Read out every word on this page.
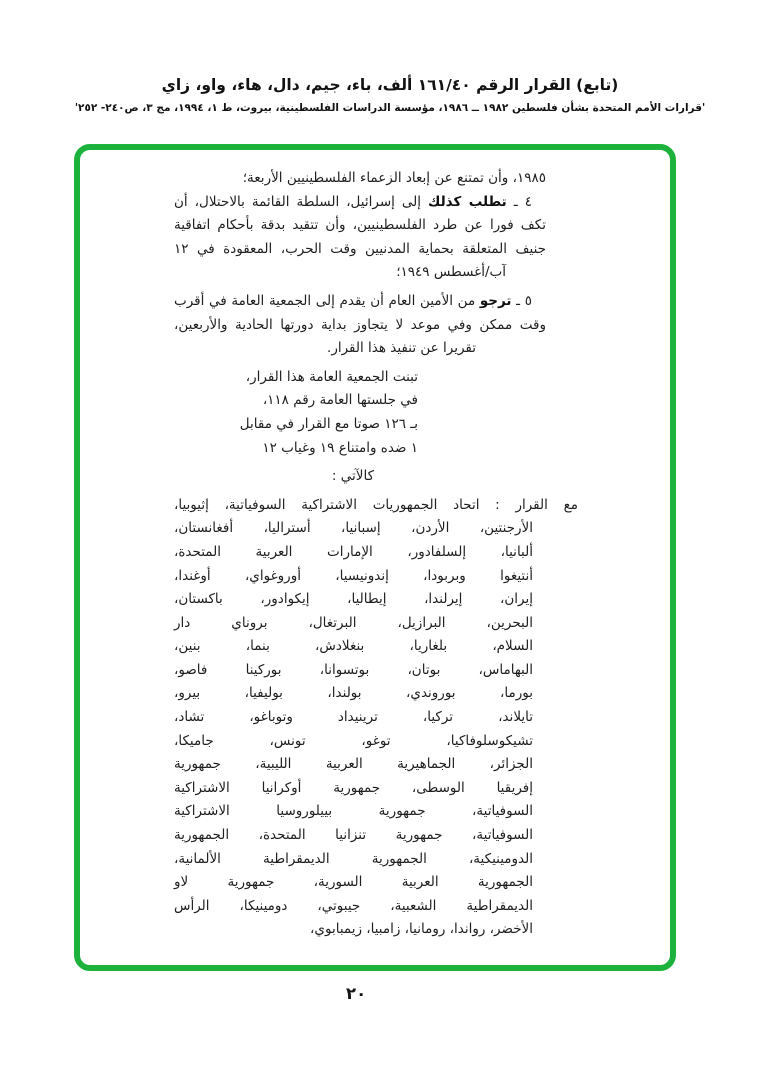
(تابع) القرار الرقم ١٦١/٤٠ ألف، باء، جيم، دال، هاء، واو، زاي
'قرارات الأمم المتحدة بشأن فلسطين ١٩٨٢ ــ ١٩٨٦، مؤسسة الدراسات الفلسطينية، بيروت، ط ١، ١٩٩٤، مج ٣، ص٢٤٠- ٢٥٢'
١٩٨٥، وأن تمتنع عن إبعاد الزعماء الفلسطينيين الأربعة؛
٤ ـ تطلب كذلك إلى إسرائيل، السلطة القائمة بالاحتلال، أن
تكف فورا عن طرد الفلسطينيين، وأن تتقيد بدقة بأحكام اتفاقية
جنيف المتعلقة بحماية المدنيين وقت الحرب، المعقودة في ١٢
آب/أغسطس ١٩٤٩؛
٥ ـ ترجو من الأمين العام أن يقدم إلى الجمعية العامة في أقرب
وقت ممكن وفي موعد لا يتجاوز بداية دورتها الحادية والأربعين،
تقريرا عن تنفيذ هذا القرار.
تبنت الجمعية العامة هذا القرار،
في جلستها العامة رقم ١١٨،
بـ ١٢٦ صوتا مع القرار في مقابل
١ ضده وامتناع ١٩ وغياب ١٢
كالآتي :
مع القرار : اتحاد الجمهوريات الاشتراكية السوفياتية، إثيوبيا،
الأرجنتين، الأردن، إسبانيا، أستراليا، أفغانستان،
ألبانيا، إلسلفادور، الإمارات العربية المتحدة،
أنتيغوا وبربودا، إندونيسيا، أوروغواي، أوغندا،
إيران، إيرلندا، إيطاليا، إيكوادور، باكستان،
البحرين، البرازيل، البرتغال، بروناي دار
السلام، بلغاريا، بنغلادش، بنما، بنين،
البهاماس، بوتان، بوتسوانا، بوركينا فاصو،
بورما، بوروندي، بولندا، بوليفيا، بيرو،
تايلاند، تركيا، ترينيداد وتوباغو، تشاد،
تشيكوسلوفاكيا، توغو، تونس، جاميكا،
الجزائر، الجماهيرية العربية الليبية، جمهورية
إفريقيا الوسطى، جمهورية أوكرانيا الاشتراكية
السوفياتية، جمهورية بييلوروسيا الاشتراكية
السوفياتية، جمهورية تنزانيا المتحدة، الجمهورية
الدومينيكية، الجمهورية الديمقراطية الألمانية،
الجمهورية العربية السورية، جمهورية لاو
الديمقراطية الشعبية، جيبوتي، دومينيكا، الرأس
الأخضر، رواندا، رومانيا، زامبيا، زيمبابوي،
٢٠
